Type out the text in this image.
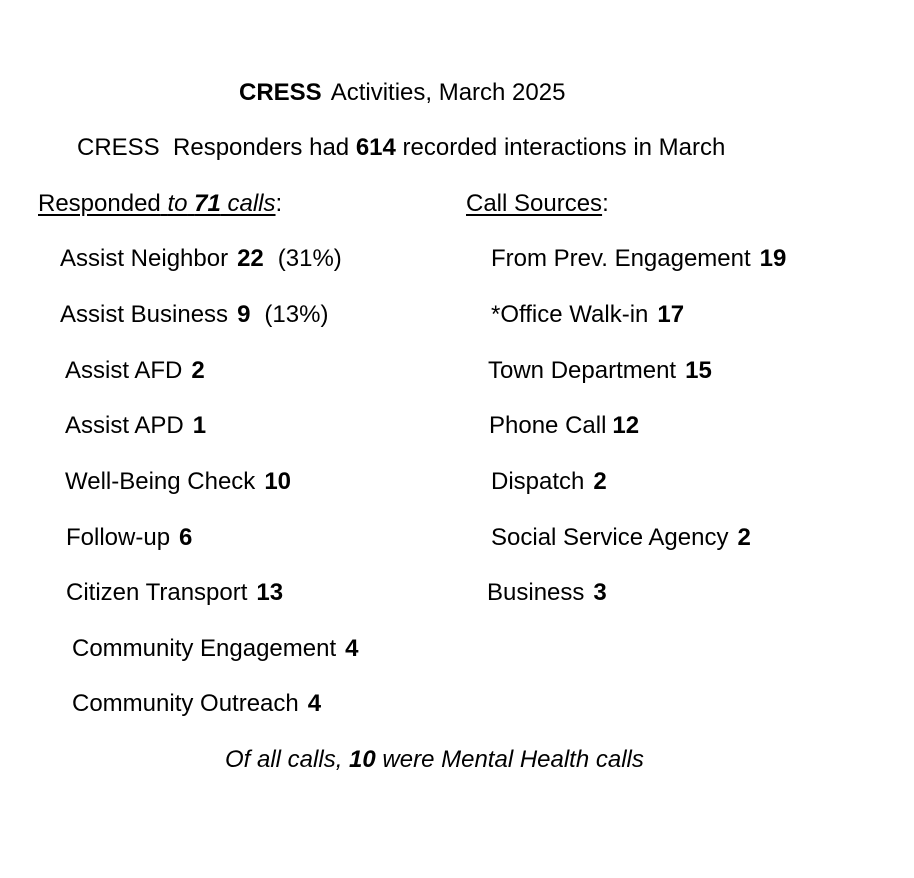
CRESS Activities, March 2025
CRESS  Responders had 614 recorded interactions in March
Responded to 71 calls:	Call Sources:
Assist Neighbor 22 (31%)
Assist Business 9 (13%)
Assist AFD 2
Assist APD 1
Well-Being Check 10
Follow-up 6
Citizen Transport 13
Community Engagement 4
Community Outreach 4
From Prev. Engagement 19
*Office Walk-in 17
Town Department 15
Phone Call 12
Dispatch 2
Social Service Agency 2
Business 3
Of all calls, 10 were Mental Health calls
